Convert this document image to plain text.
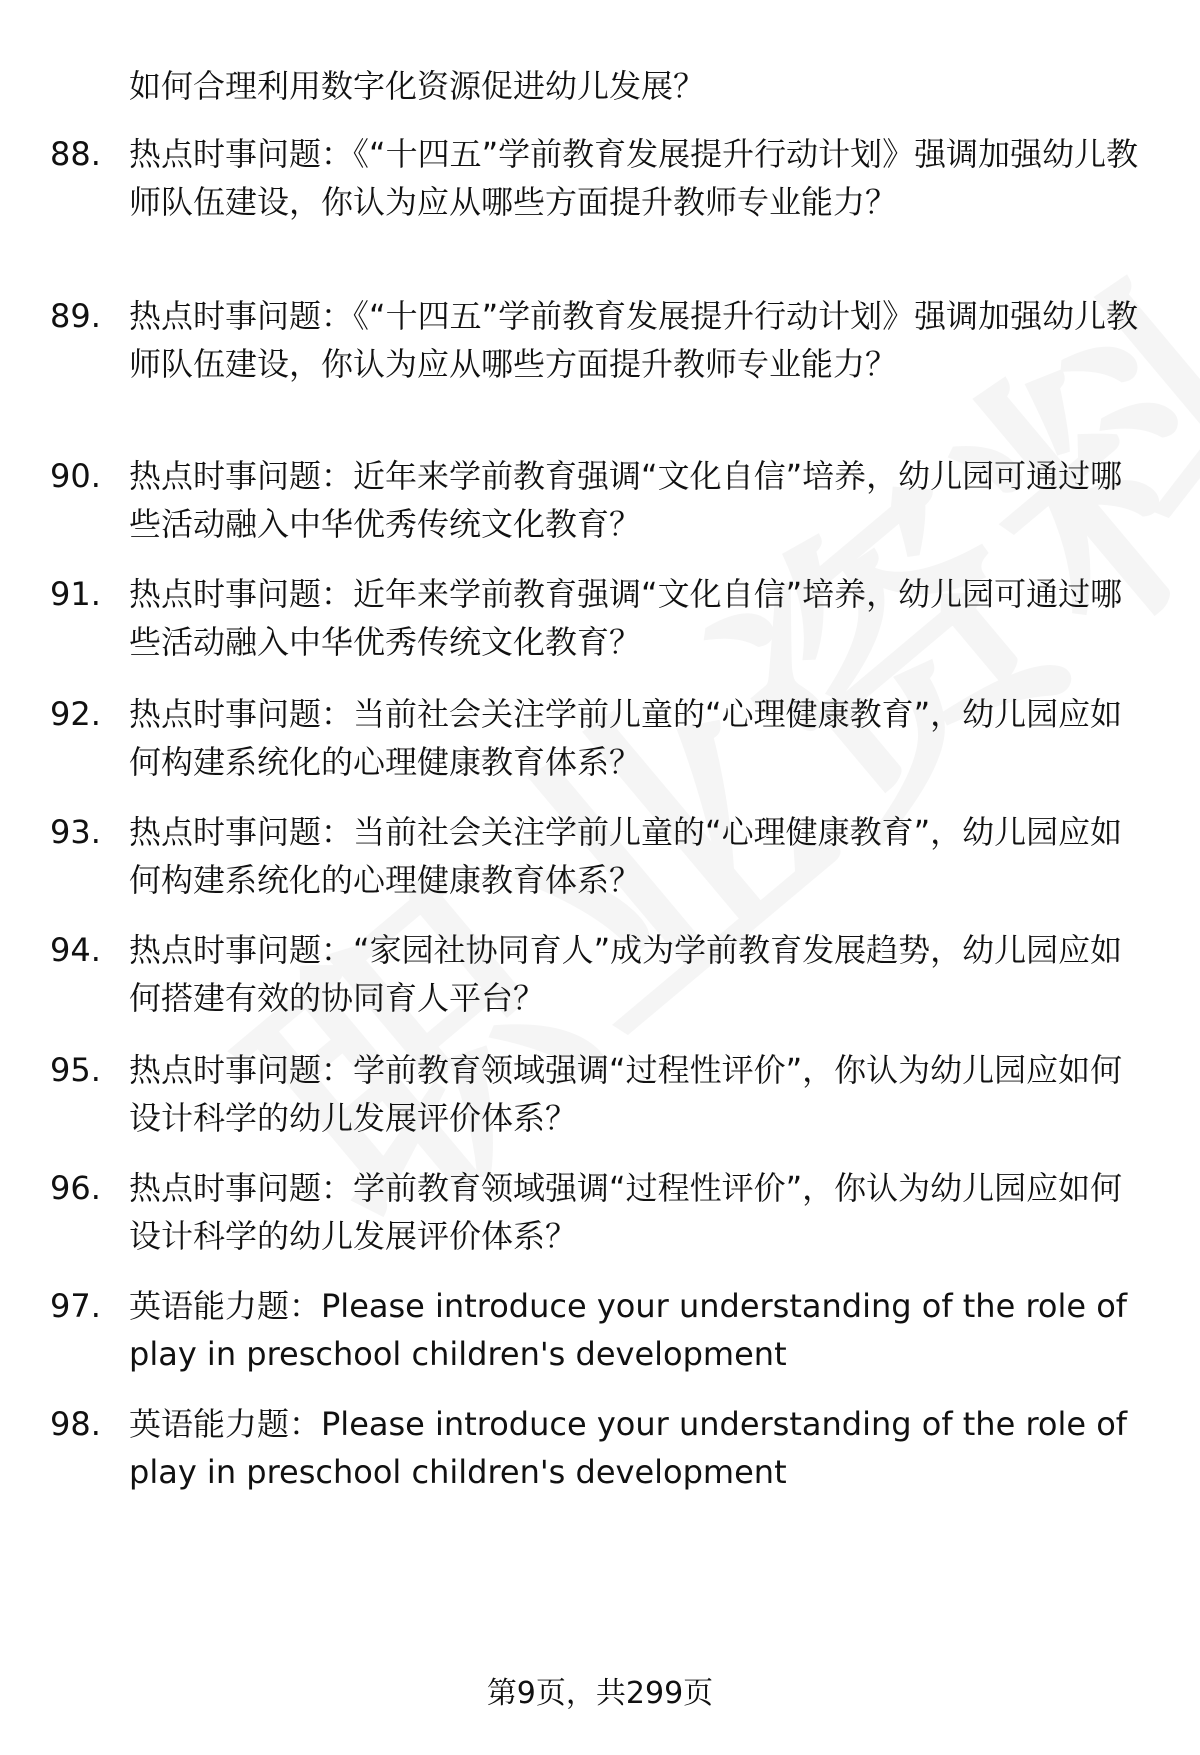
如何合理利用数字化资源促进幼儿发展？
88. 热点时事问题：《“十四五”学前教育发展提升行动计划》强调加强幼儿教师队伍建设，你认为应从哪些方面提升教师专业能力？
89. 热点时事问题：《“十四五”学前教育发展提升行动计划》强调加强幼儿教师队伍建设，你认为应从哪些方面提升教师专业能力？
90. 热点时事问题：近年来学前教育强调“文化自信”培养，幼儿园可通过哪些活动融入中华优秀传统文化教育？
91. 热点时事问题：近年来学前教育强调“文化自信”培养，幼儿园可通过哪些活动融入中华优秀传统文化教育？
92. 热点时事问题：当前社会关注学前儿童的“心理健康教育”，幼儿园应如何构建系统化的心理健康教育体系？
93. 热点时事问题：当前社会关注学前儿童的“心理健康教育”，幼儿园应如何构建系统化的心理健康教育体系？
94. 热点时事问题：“家园社协同育人”成为学前教育发展趋势，幼儿园应如何搭建有效的协同育人平台？
95. 热点时事问题：学前教育领域强调“过程性评价”，你认为幼儿园应如何设计科学的幼儿发展评价体系？
96. 热点时事问题：学前教育领域强调“过程性评价”，你认为幼儿园应如何设计科学的幼儿发展评价体系？
97. 英语能力题：Please introduce your understanding of the role of play in preschool children's development
98. 英语能力题：Please introduce your understanding of the role of play in preschool children's development
第9页，共299页
